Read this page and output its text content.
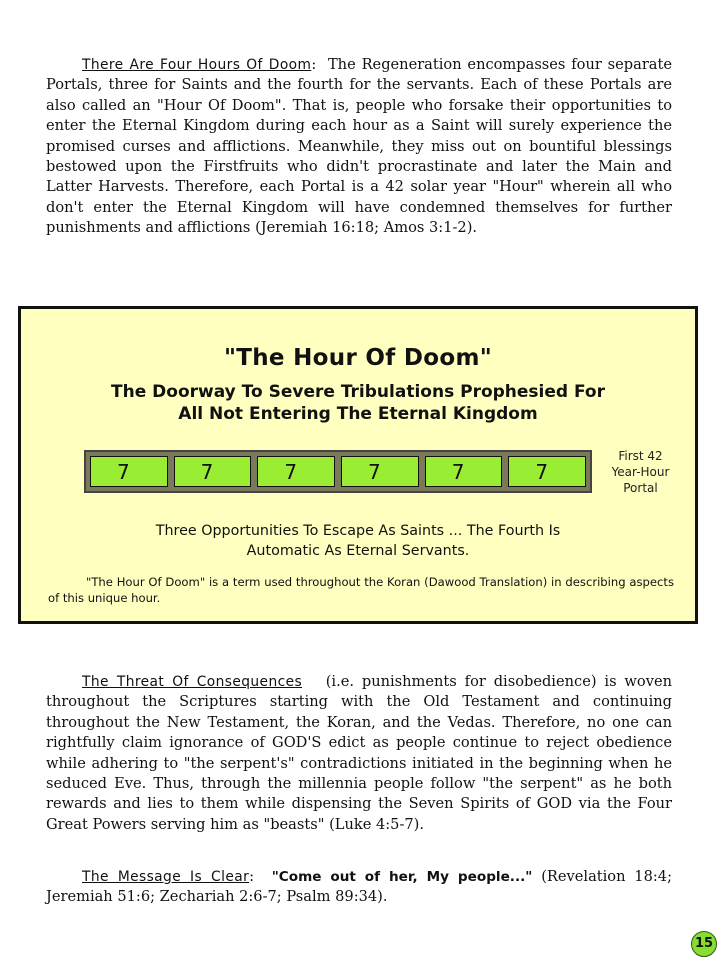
There Are Four Hours Of Doom:  The Regeneration encompasses four separate Portals, three for Saints and the fourth for the servants. Each of these Portals are also called an "Hour Of Doom". That is, people who forsake their opportunities to enter the Eternal Kingdom during each hour as a Saint will surely experience the promised curses and afflictions. Meanwhile, they miss out on bountiful blessings bestowed upon the Firstfruits who didn't procrastinate and later the Main and Latter Harvests. Therefore, each Portal is a 42 solar year "Hour" wherein all who don't enter the Eternal Kingdom will have condemned themselves for further punishments and afflictions (Jeremiah 16:18; Amos 3:1-2).

"The Hour Of Doom"
The Doorway To Severe Tribulations Prophesied For
All Not Entering The Eternal Kingdom
7	7	7	7	7	7
First 42
Year-Hour
Portal
Three Opportunities To Escape As Saints ... The Fourth Is
Automatic As Eternal Servants.

"The Hour Of Doom" is a term used throughout the Koran (Dawood Translation) in describing aspects of this unique hour.

The Threat Of Consequences (i.e. punishments for disobedience) is woven throughout the Scriptures starting with the Old Testament and continuing throughout the New Testament, the Koran, and the Vedas. Therefore, no one can rightfully claim ignorance of GOD'S edict as people continue to reject obedience while adhering to "the serpent's" contradictions initiated in the beginning when he seduced Eve. Thus, through the millennia people follow "the serpent" as he both rewards and lies to them while dispensing the Seven Spirits of GOD via the Four Great Powers serving him as "beasts" (Luke 4:5-7).

The Message Is Clear:  "Come out of her, My people..." (Revelation 18:4; Jeremiah 51:6; Zechariah 2:6-7; Psalm 89:34).

15
